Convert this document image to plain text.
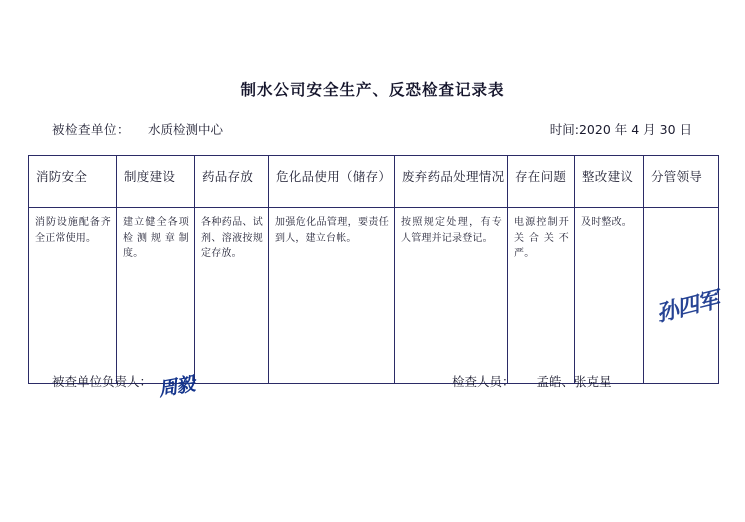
制水公司安全生产、反恐检查记录表
被检查单位： 水质检测中心	时间:2020 年 4 月 30 日
消防安全	制度建设	药品存放	危化品使用（储存）	废弃药品处理情况	存在问题	整改建议	分管领导

消防设施配备齐全正常使用。	建立健全各项检测规章制度。	各种药品、试剂、溶液按规定存放。	加强危化品管理，要责任到人，建立台帐。	按照规定处理，有专人管理并记录登记。	电源控制开关合关不严。	及时整改。	孙四军
被查单位负责人： 周毅	检查人员： 孟皓、张克星
